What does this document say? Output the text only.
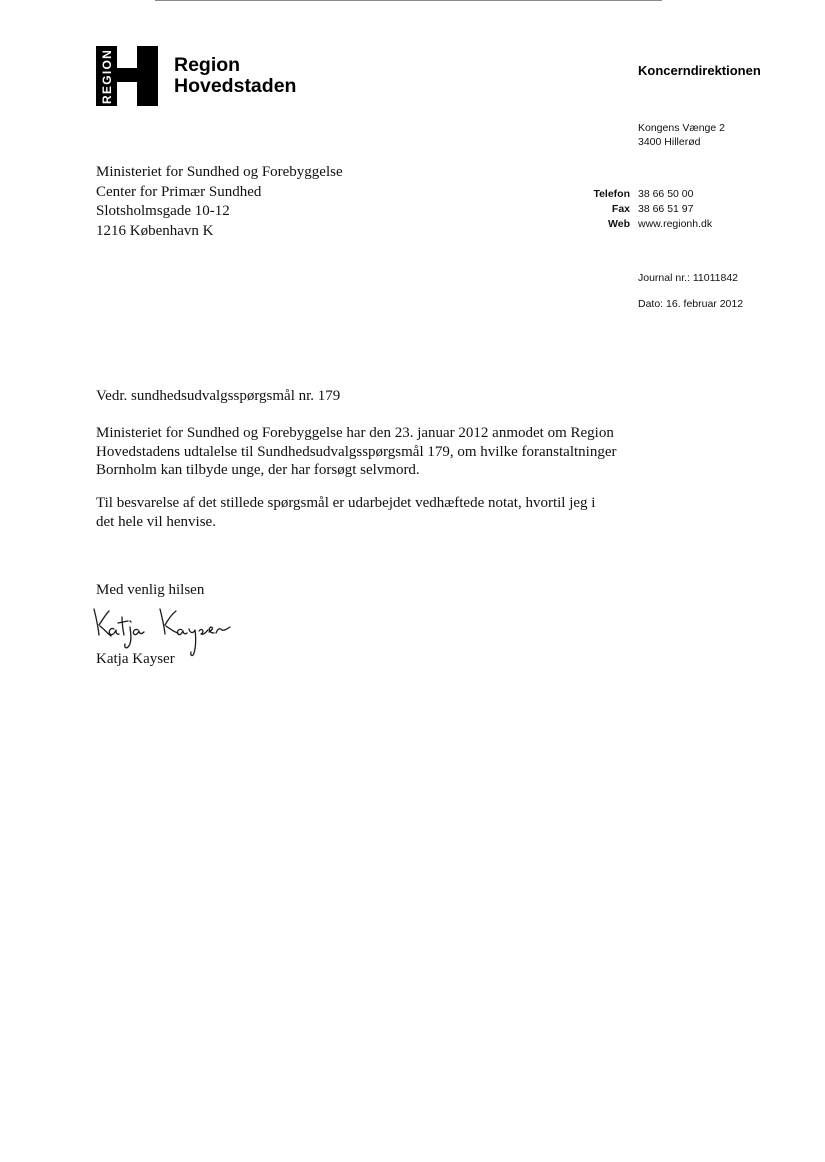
REGION	Region
Hovedstaden
Koncerndirektionen
Kongens Vænge 2
3400 Hillerød
Telefon 38 66 50 00
Fax 38 66 51 97
Web www.regionh.dk
Journal nr.: 11011842
Dato: 16. februar 2012
Ministeriet for Sundhed og Forebyggelse
Center for Primær Sundhed
Slotsholmsgade 10-12
1216 København K
Vedr. sundhedsudvalgsspørgsmål nr. 179
Ministeriet for Sundhed og Forebyggelse har den 23. januar 2012 anmodet om Region
Hovedstadens udtalelse til Sundhedsudvalgsspørgsmål 179, om hvilke foranstaltninger
Bornholm kan tilbyde unge, der har forsøgt selvmord.
Til besvarelse af det stillede spørgsmål er udarbejdet vedhæftede notat, hvortil jeg i
det hele vil henvise.
Med venlig hilsen
Katja Kayser
Katja Kayser
